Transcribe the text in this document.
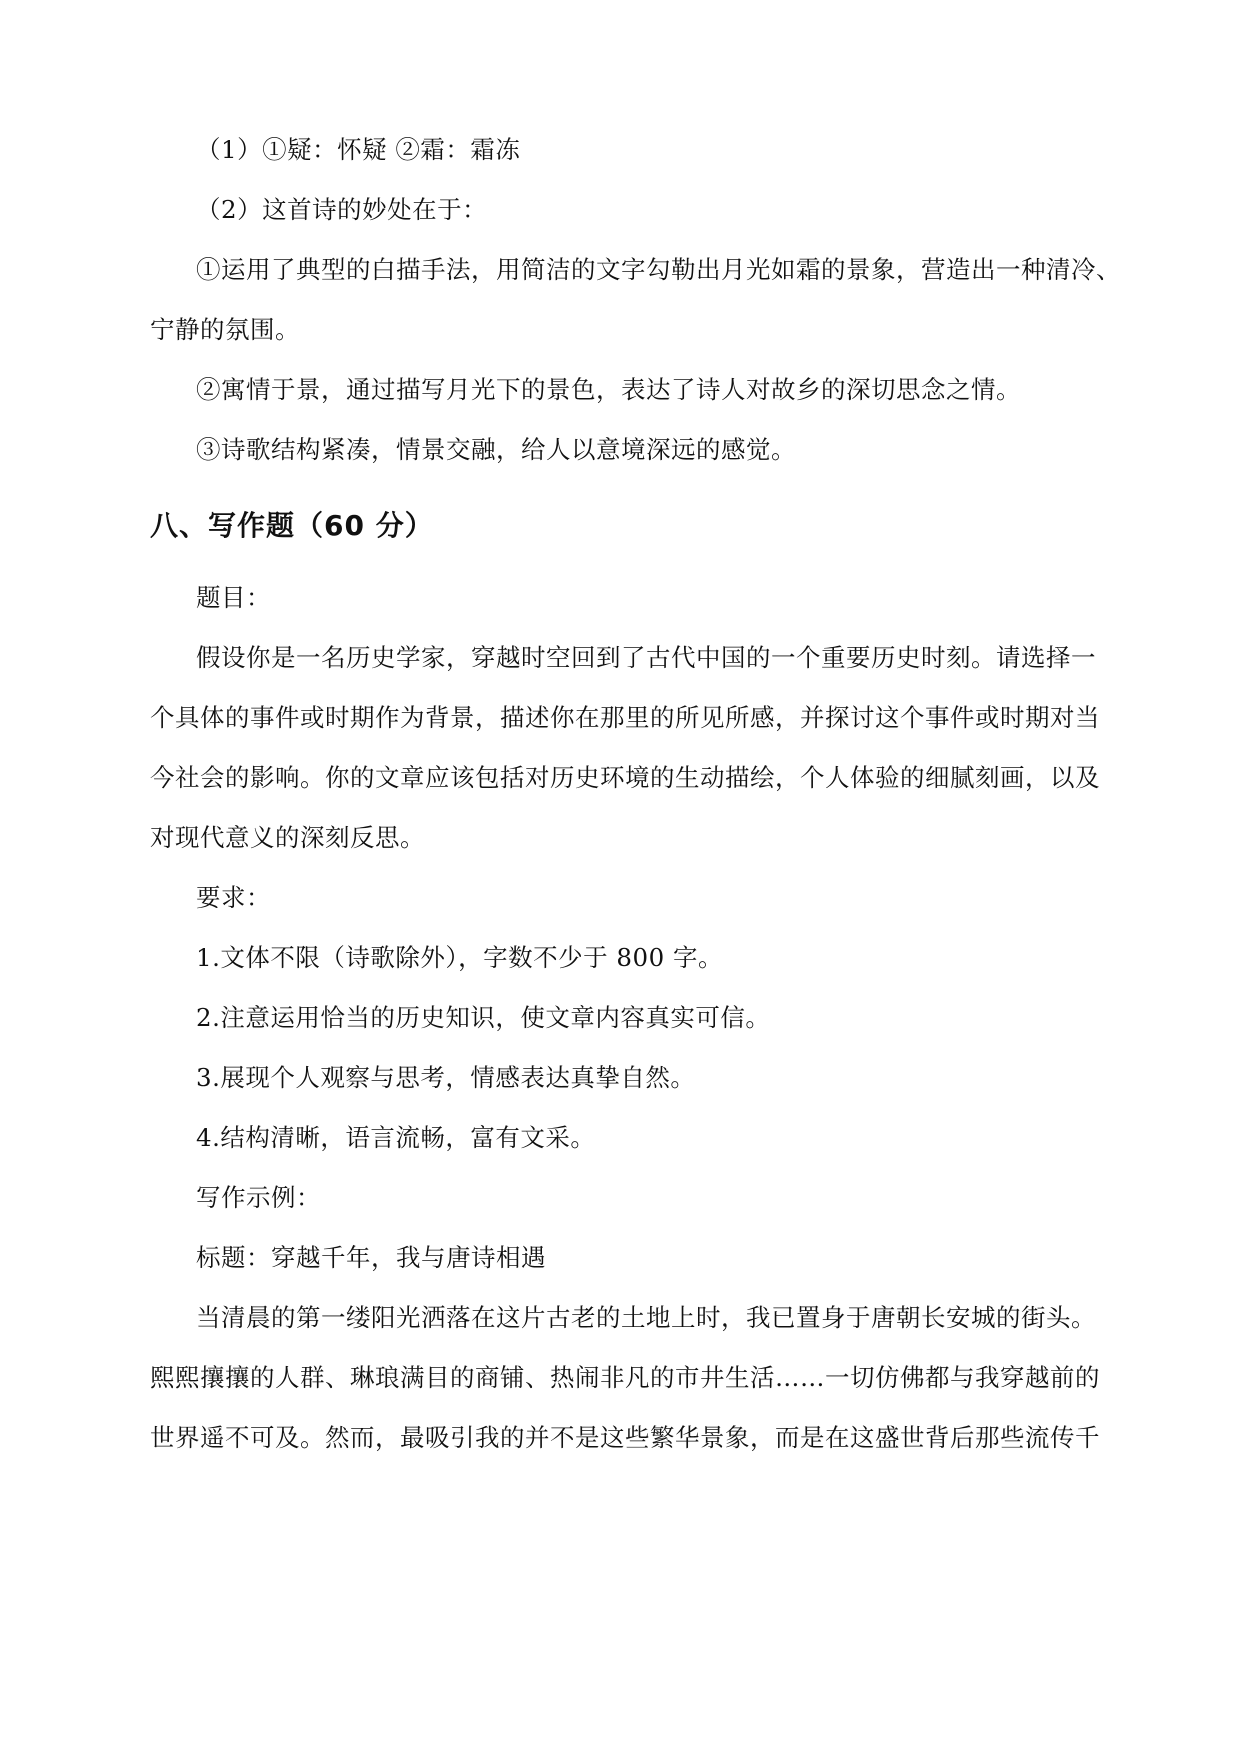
（1）①疑：怀疑 ②霜：霜冻
（2）这首诗的妙处在于：
①运用了典型的白描手法，用简洁的文字勾勒出月光如霜的景象，营造出一种清冷、
宁静的氛围。
②寓情于景，通过描写月光下的景色，表达了诗人对故乡的深切思念之情。
③诗歌结构紧凑，情景交融，给人以意境深远的感觉。
八、写作题（60 分）
题目：
假设你是一名历史学家，穿越时空回到了古代中国的一个重要历史时刻。请选择一
个具体的事件或时期作为背景，描述你在那里的所见所感，并探讨这个事件或时期对当
今社会的影响。你的文章应该包括对历史环境的生动描绘，个人体验的细腻刻画，以及
对现代意义的深刻反思。
要求：
1.文体不限（诗歌除外），字数不少于 800 字。
2.注意运用恰当的历史知识，使文章内容真实可信。
3.展现个人观察与思考，情感表达真挚自然。
4.结构清晰，语言流畅，富有文采。
写作示例：
标题：穿越千年，我与唐诗相遇
当清晨的第一缕阳光洒落在这片古老的土地上时，我已置身于唐朝长安城的街头。
熙熙攘攘的人群、琳琅满目的商铺、热闹非凡的市井生活……一切仿佛都与我穿越前的
世界遥不可及。然而，最吸引我的并不是这些繁华景象，而是在这盛世背后那些流传千
